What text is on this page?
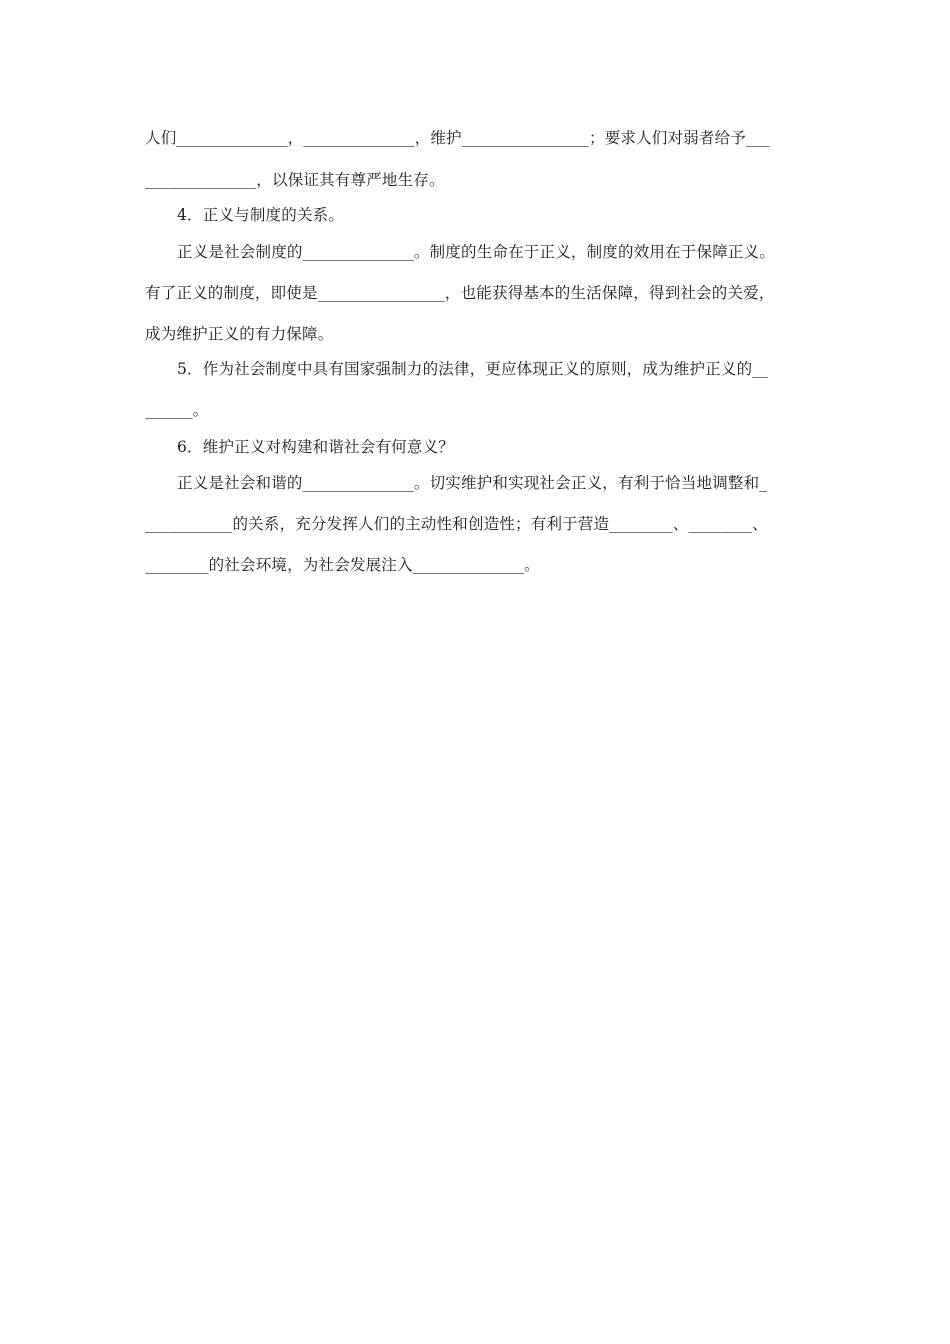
人们______________，______________，维护________________；要求人们对弱者给予___
______________，以保证其有尊严地生存。
4．正义与制度的关系。
正义是社会制度的______________。制度的生命在于正义，制度的效用在于保障正义。
有了正义的制度，即使是________________，也能获得基本的生活保障，得到社会的关爱，
成为维护正义的有力保障。
5．作为社会制度中具有国家强制力的法律，更应体现正义的原则，成为维护正义的__
______。
6．维护正义对构建和谐社会有何意义？
正义是社会和谐的______________。切实维护和实现社会正义，有利于恰当地调整和_
___________的关系，充分发挥人们的主动性和创造性；有利于营造________、________、
________的社会环境，为社会发展注入______________。
